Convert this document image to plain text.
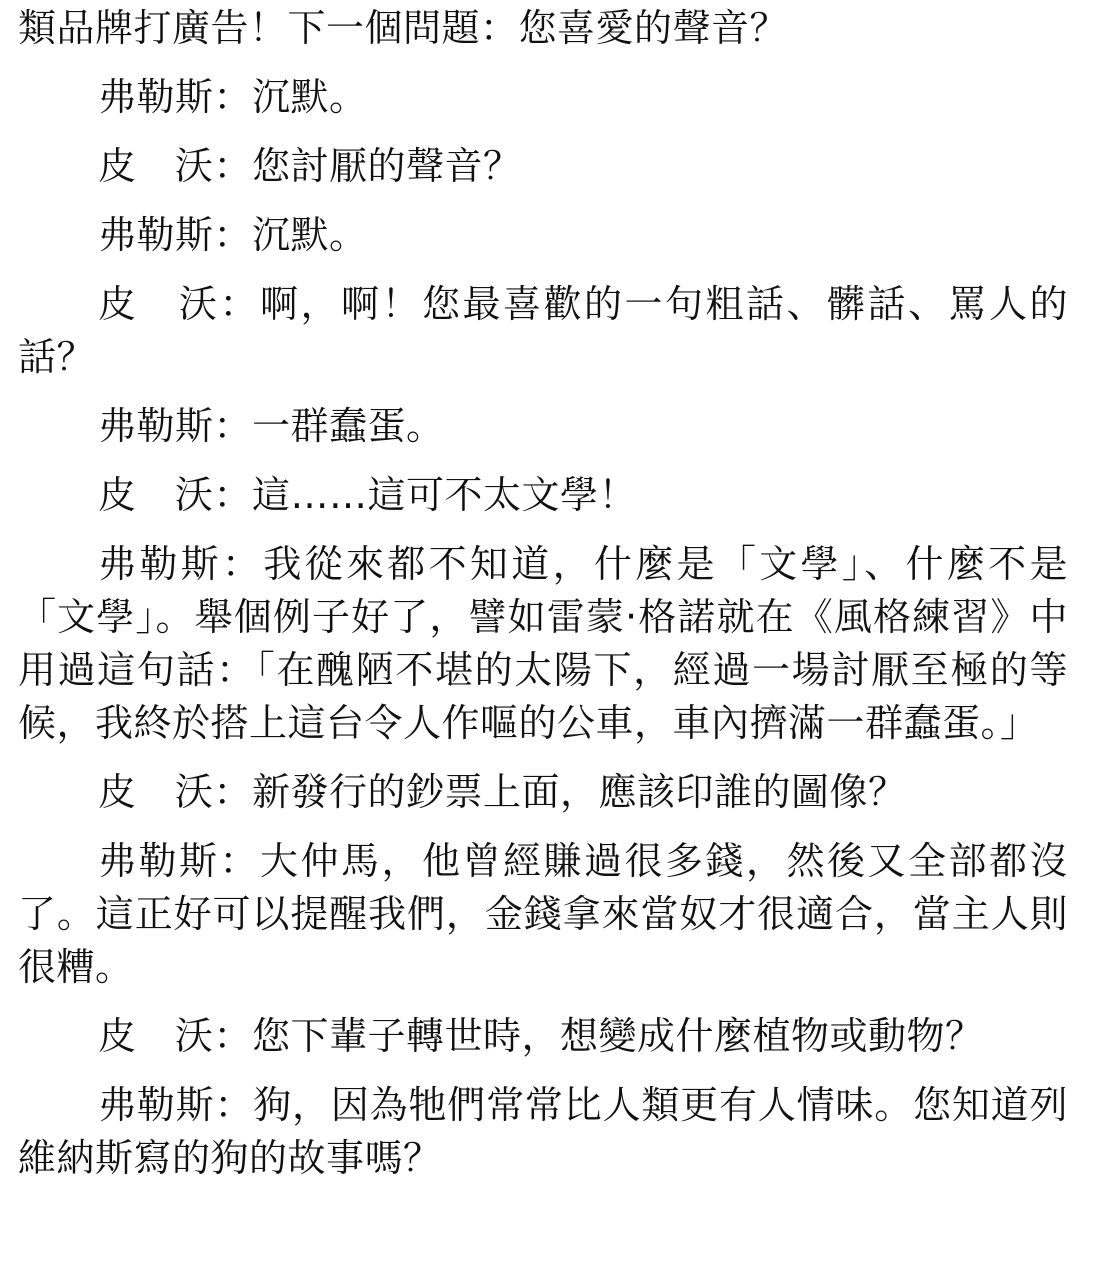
類品牌打廣告！下一個問題：您喜愛的聲音？

弗勒斯：沉默。

皮　沃：您討厭的聲音？

弗勒斯：沉默。

皮　沃：啊，啊！您最喜歡的一句粗話、髒話、罵人的話？

弗勒斯：一群蠢蛋。

皮　沃：這……這可不太文學！

弗勒斯：我從來都不知道，什麼是「文學」、什麼不是「文學」。舉個例子好了，譬如雷蒙‧格諾就在《風格練習》中用過這句話：「在醜陋不堪的太陽下，經過一場討厭至極的等候，我終於搭上這台令人作嘔的公車，車內擠滿一群蠢蛋。」

皮　沃：新發行的鈔票上面，應該印誰的圖像？

弗勒斯：大仲馬，他曾經賺過很多錢，然後又全部都沒了。這正好可以提醒我們，金錢拿來當奴才很適合，當主人則很糟。

皮　沃：您下輩子轉世時，想變成什麼植物或動物？

弗勒斯：狗，因為牠們常常比人類更有人情味。您知道列維納斯寫的狗的故事嗎？
